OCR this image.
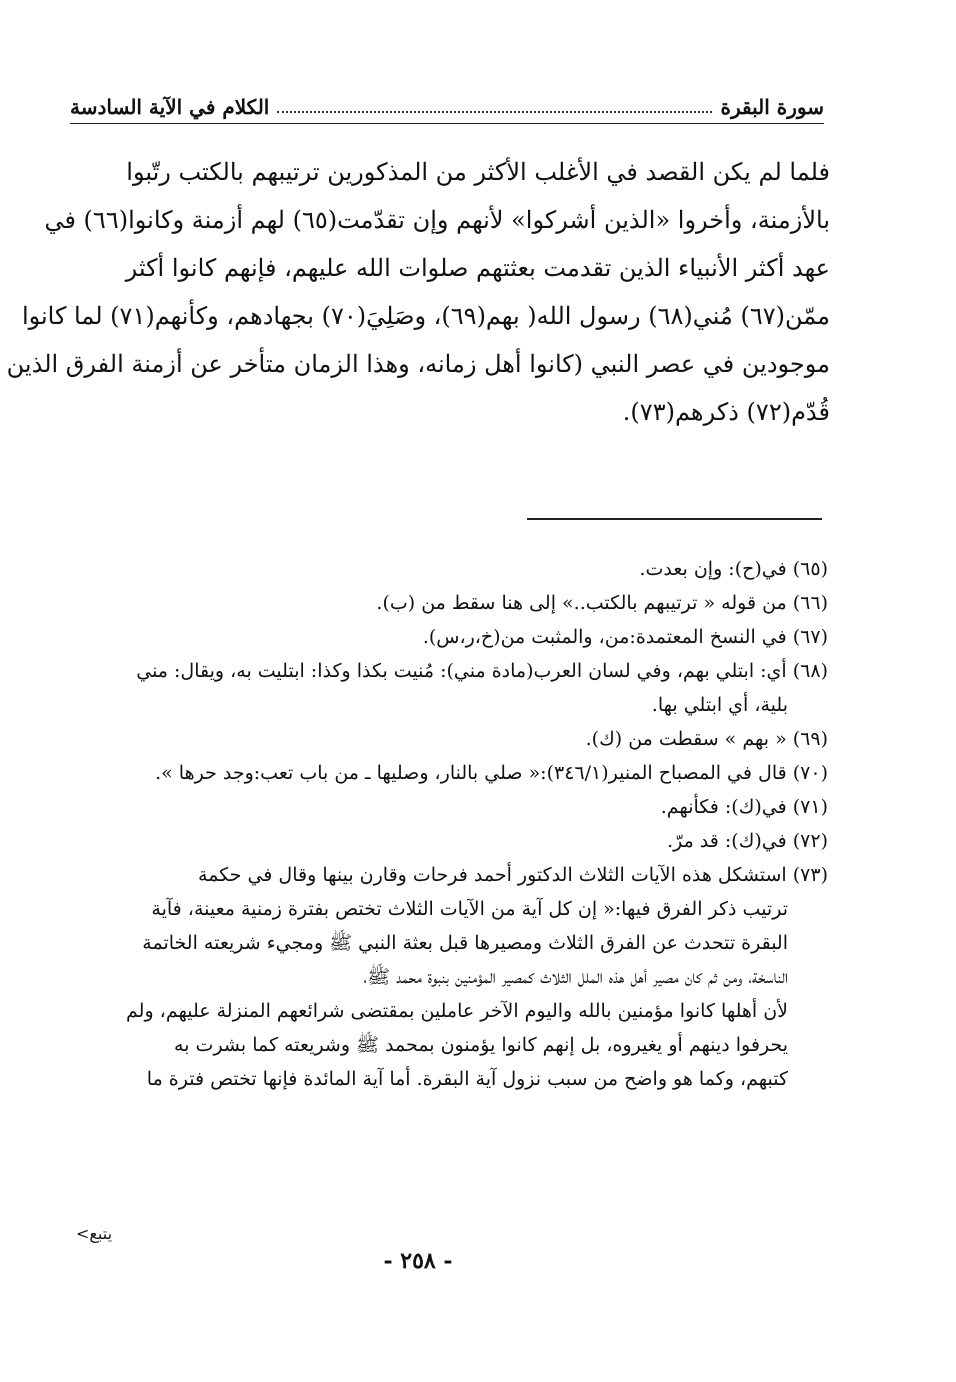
سورة البقرة
الكلام في الآية السادسة
فلما لم يكن القصد في الأغلب الأكثر من المذكورين ترتيبهم بالكتب رتّبوا
بالأزمنة، وأخروا «الذين أشركوا» لأنهم وإن تقدّمت(٦٥) لهم أزمنة وكانوا(٦٦) في
عهد أكثر الأنبياء الذين تقدمت بعثتهم صلوات الله عليهم، فإنهم كانوا أكثر
ممّن(٦٧) مُني(٦٨) رسول الله( بهم(٦٩)، وصَلِيَ(٧٠) بجهادهم، وكأنهم(٧١) لما كانوا
موجودين في عصر النبي (كانوا أهل زمانه، وهذا الزمان متأخر عن أزمنة الفرق الذين
قُدّم(٧٢) ذكرهم(٧٣).
(٦٥) في(ح): وإن بعدت.
(٦٦) من قوله « ترتيبهم بالكتب..» إلى هنا سقط من (ب).
(٦٧) في النسخ المعتمدة:من، والمثبت من(خ،ر،س).
(٦٨) أي: ابتلي بهم، وفي لسان العرب(مادة مني): مُنيت بكذا وكذا: ابتليت به، ويقال: مني
بلية، أي ابتلي بها.
(٦٩) « بهم » سقطت من (ك).
(٧٠) قال في المصباح المنير(٣٤٦/١):« صلي بالنار، وصليها ـ من باب تعب:وجد حرها ».
(٧١) في(ك): فكأنهم.
(٧٢) في(ك): قد مرّ.
(٧٣) استشكل هذه الآيات الثلاث الدكتور أحمد فرحات وقارن بينها وقال في حكمة
ترتيب ذكر الفرق فيها:« إن كل آية من الآيات الثلاث تختص بفترة زمنية معينة، فآية
البقرة تتحدث عن الفرق الثلاث ومصيرها قبل بعثة النبي ﷺ ومجيء شريعته الخاتمة
الناسخة، ومن ثم كان مصير أهل هذه الملل الثلاث كمصير المؤمنين بنبوة محمد ﷺ،
لأن أهلها كانوا مؤمنين بالله واليوم الآخر عاملين بمقتضى شرائعهم المنزلة عليهم، ولم
يحرفوا دينهم أو يغيروه، بل إنهم كانوا يؤمنون بمحمد ﷺ وشريعته كما بشرت به
كتبهم، وكما هو واضح من سبب نزول آية البقرة. أما آية المائدة فإنها تختص فترة ما
يتبع>
- ٢٥٨ -
